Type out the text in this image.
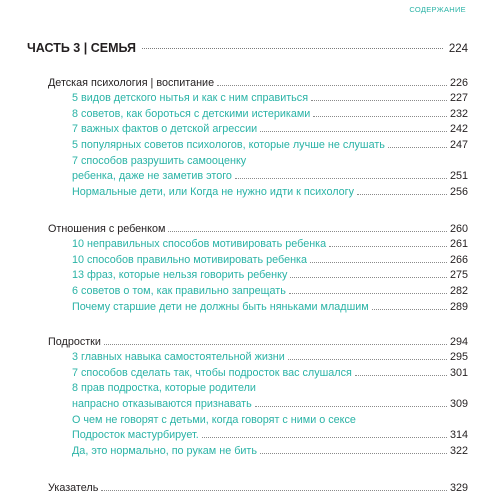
СОДЕРЖАНИЕ
ЧАСТЬ 3 | СЕМЬЯ	224
Детская психология | воспитание	226
5 видов детского нытья и как с ним справиться	227
8 советов, как бороться с детскими истериками	232
7 важных фактов о детской агрессии	242
5 популярных советов психологов, которые лучше не слушать	247
7 способов разрушить самооценку
ребенка, даже не заметив этого	251
Нормальные дети, или Когда не нужно идти к психологу	256
Отношения с ребенком	260
10 неправильных способов мотивировать ребенка	261
10 способов правильно мотивировать ребенка	266
13 фраз, которые нельзя говорить ребенку	275
6 советов о том, как правильно запрещать	282
Почему старшие дети не должны быть няньками младшим	289
Подростки	294
3 главных навыка самостоятельной жизни	295
7 способов сделать так, чтобы подросток вас слушался	301
8 прав подростка, которые родители
напрасно отказываются признавать	309
О чем не говорят с детьми, когда говорят с ними о сексе
Подросток мастурбирует.	314
Да, это нормально, по рукам не бить	322
Указатель	329
